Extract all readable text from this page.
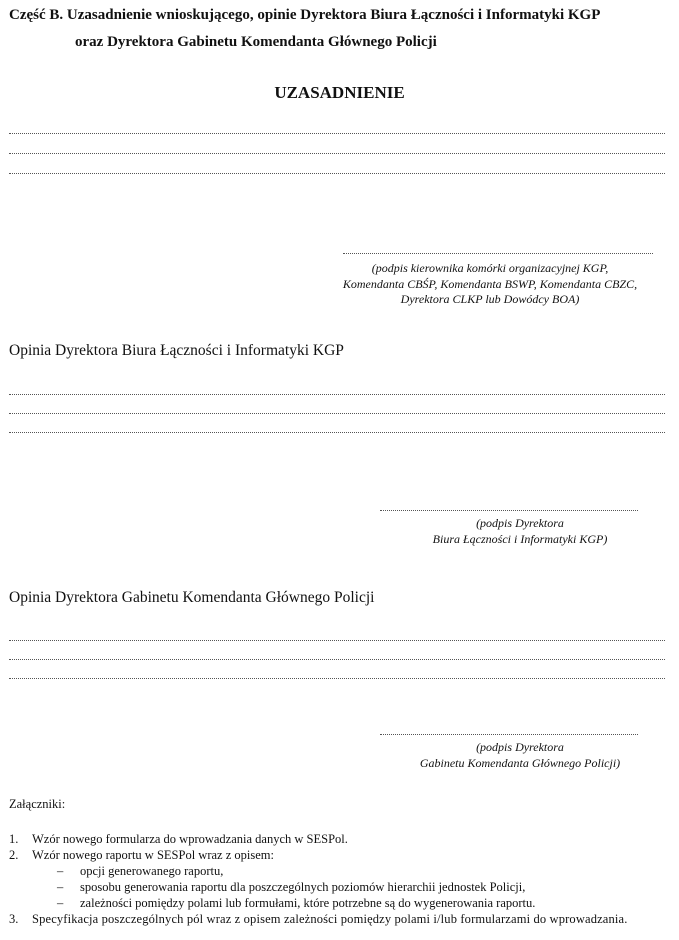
Część B. Uzasadnienie wnioskującego, opinie Dyrektora Biura Łączności i Informatyki KGP
oraz Dyrektora Gabinetu Komendanta Głównego Policji
UZASADNIENIE
(podpis kierownika komórki organizacyjnej KGP,
Komendanta CBŚP, Komendanta BSWP, Komendanta CBZC,
Dyrektora CLKP lub Dowódcy BOA)
Opinia Dyrektora Biura Łączności i Informatyki KGP
(podpis Dyrektora
Biura Łączności i Informatyki KGP)
Opinia Dyrektora Gabinetu Komendanta Głównego Policji
(podpis Dyrektora
Gabinetu Komendanta Głównego Policji)
Załączniki:
1. Wzór nowego formularza do wprowadzania danych w SESPol.
2. Wzór nowego raportu w SESPol wraz z opisem:
– opcji generowanego raportu,
– sposobu generowania raportu dla poszczególnych poziomów hierarchii jednostek Policji,
– zależności pomiędzy polami lub formułami, które potrzebne są do wygenerowania raportu.
3. Specyfikacja poszczególnych pól wraz z opisem zależności pomiędzy polami i/lub formularzami do wprowadzania.
